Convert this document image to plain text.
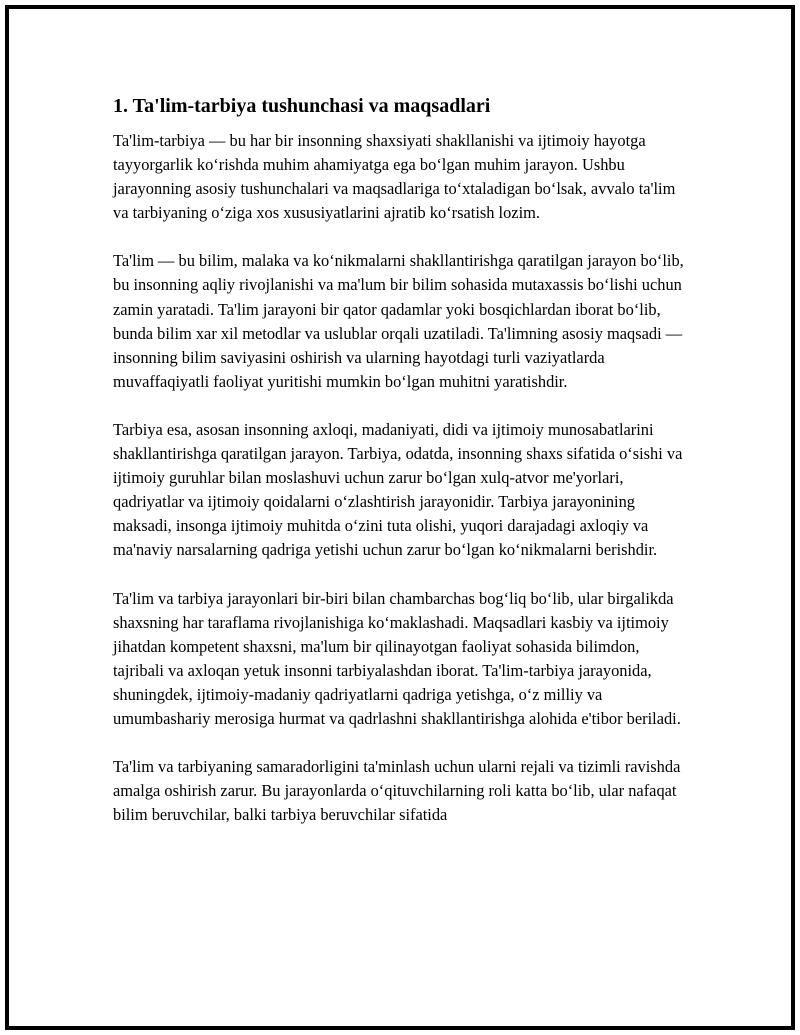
1. Ta'lim-tarbiya tushunchasi va maqsadlari

Ta'lim-tarbiya — bu har bir insonning shaxsiyati shakllanishi va ijtimoiy hayotga tayyorgarlik ko‘rishda muhim ahamiyatga ega bo‘lgan muhim jarayon. Ushbu jarayonning asosiy tushunchalari va maqsadlariga to‘xtaladigan bo‘lsak, avvalo ta'lim va tarbiyaning o‘ziga xos xususiyatlarini ajratib ko‘rsatish lozim.

Ta'lim — bu bilim, malaka va ko‘nikmalarni shakllantirishga qaratilgan jarayon bo‘lib, bu insonning aqliy rivojlanishi va ma'lum bir bilim sohasida mutaxassis bo‘lishi uchun zamin yaratadi. Ta'lim jarayoni bir qator qadamlar yoki bosqichlardan iborat bo‘lib, bunda bilim xar xil metodlar va uslublar orqali uzatiladi. Ta'limning asosiy maqsadi — insonning bilim saviyasini oshirish va ularning hayotdagi turli vaziyatlarda muvaffaqiyatli faoliyat yuritishi mumkin bo‘lgan muhitni yaratishdir.

Tarbiya esa, asosan insonning axloqi, madaniyati, didi va ijtimoiy munosabatlarini shakllantirishga qaratilgan jarayon. Tarbiya, odatda, insonning shaxs sifatida o‘sishi va ijtimoiy guruhlar bilan moslashuvi uchun zarur bo‘lgan xulq-atvor me'yorlari, qadriyatlar va ijtimoiy qoidalarni o‘zlashtirish jarayonidir. Tarbiya jarayonining maksadi, insonga ijtimoiy muhitda o‘zini tuta olishi, yuqori darajadagi axloqiy va ma'naviy narsalarning qadriga yetishi uchun zarur bo‘lgan ko‘nikmalarni berishdir.

Ta'lim va tarbiya jarayonlari bir-biri bilan chambarchas bog‘liq bo‘lib, ular birgalikda shaxsning har taraflama rivojlanishiga ko‘maklashadi. Maqsadlari kasbiy va ijtimoiy jihatdan kompetent shaxsni, ma'lum bir qilinayotgan faoliyat sohasida bilimdon, tajribali va axloqan yetuk insonni tarbiyalashdan iborat. Ta'lim-tarbiya jarayonida, shuningdek, ijtimoiy-madaniy qadriyatlarni qadriga yetishga, o‘z milliy va umumbashariy merosiga hurmat va qadrlashni shakllantirishga alohida e'tibor beriladi.

Ta'lim va tarbiyaning samaradorligini ta'minlash uchun ularni rejali va tizimli ravishda amalga oshirish zarur. Bu jarayonlarda o‘qituvchilarning roli katta bo‘lib, ular nafaqat bilim beruvchilar, balki tarbiya beruvchilar sifatida
